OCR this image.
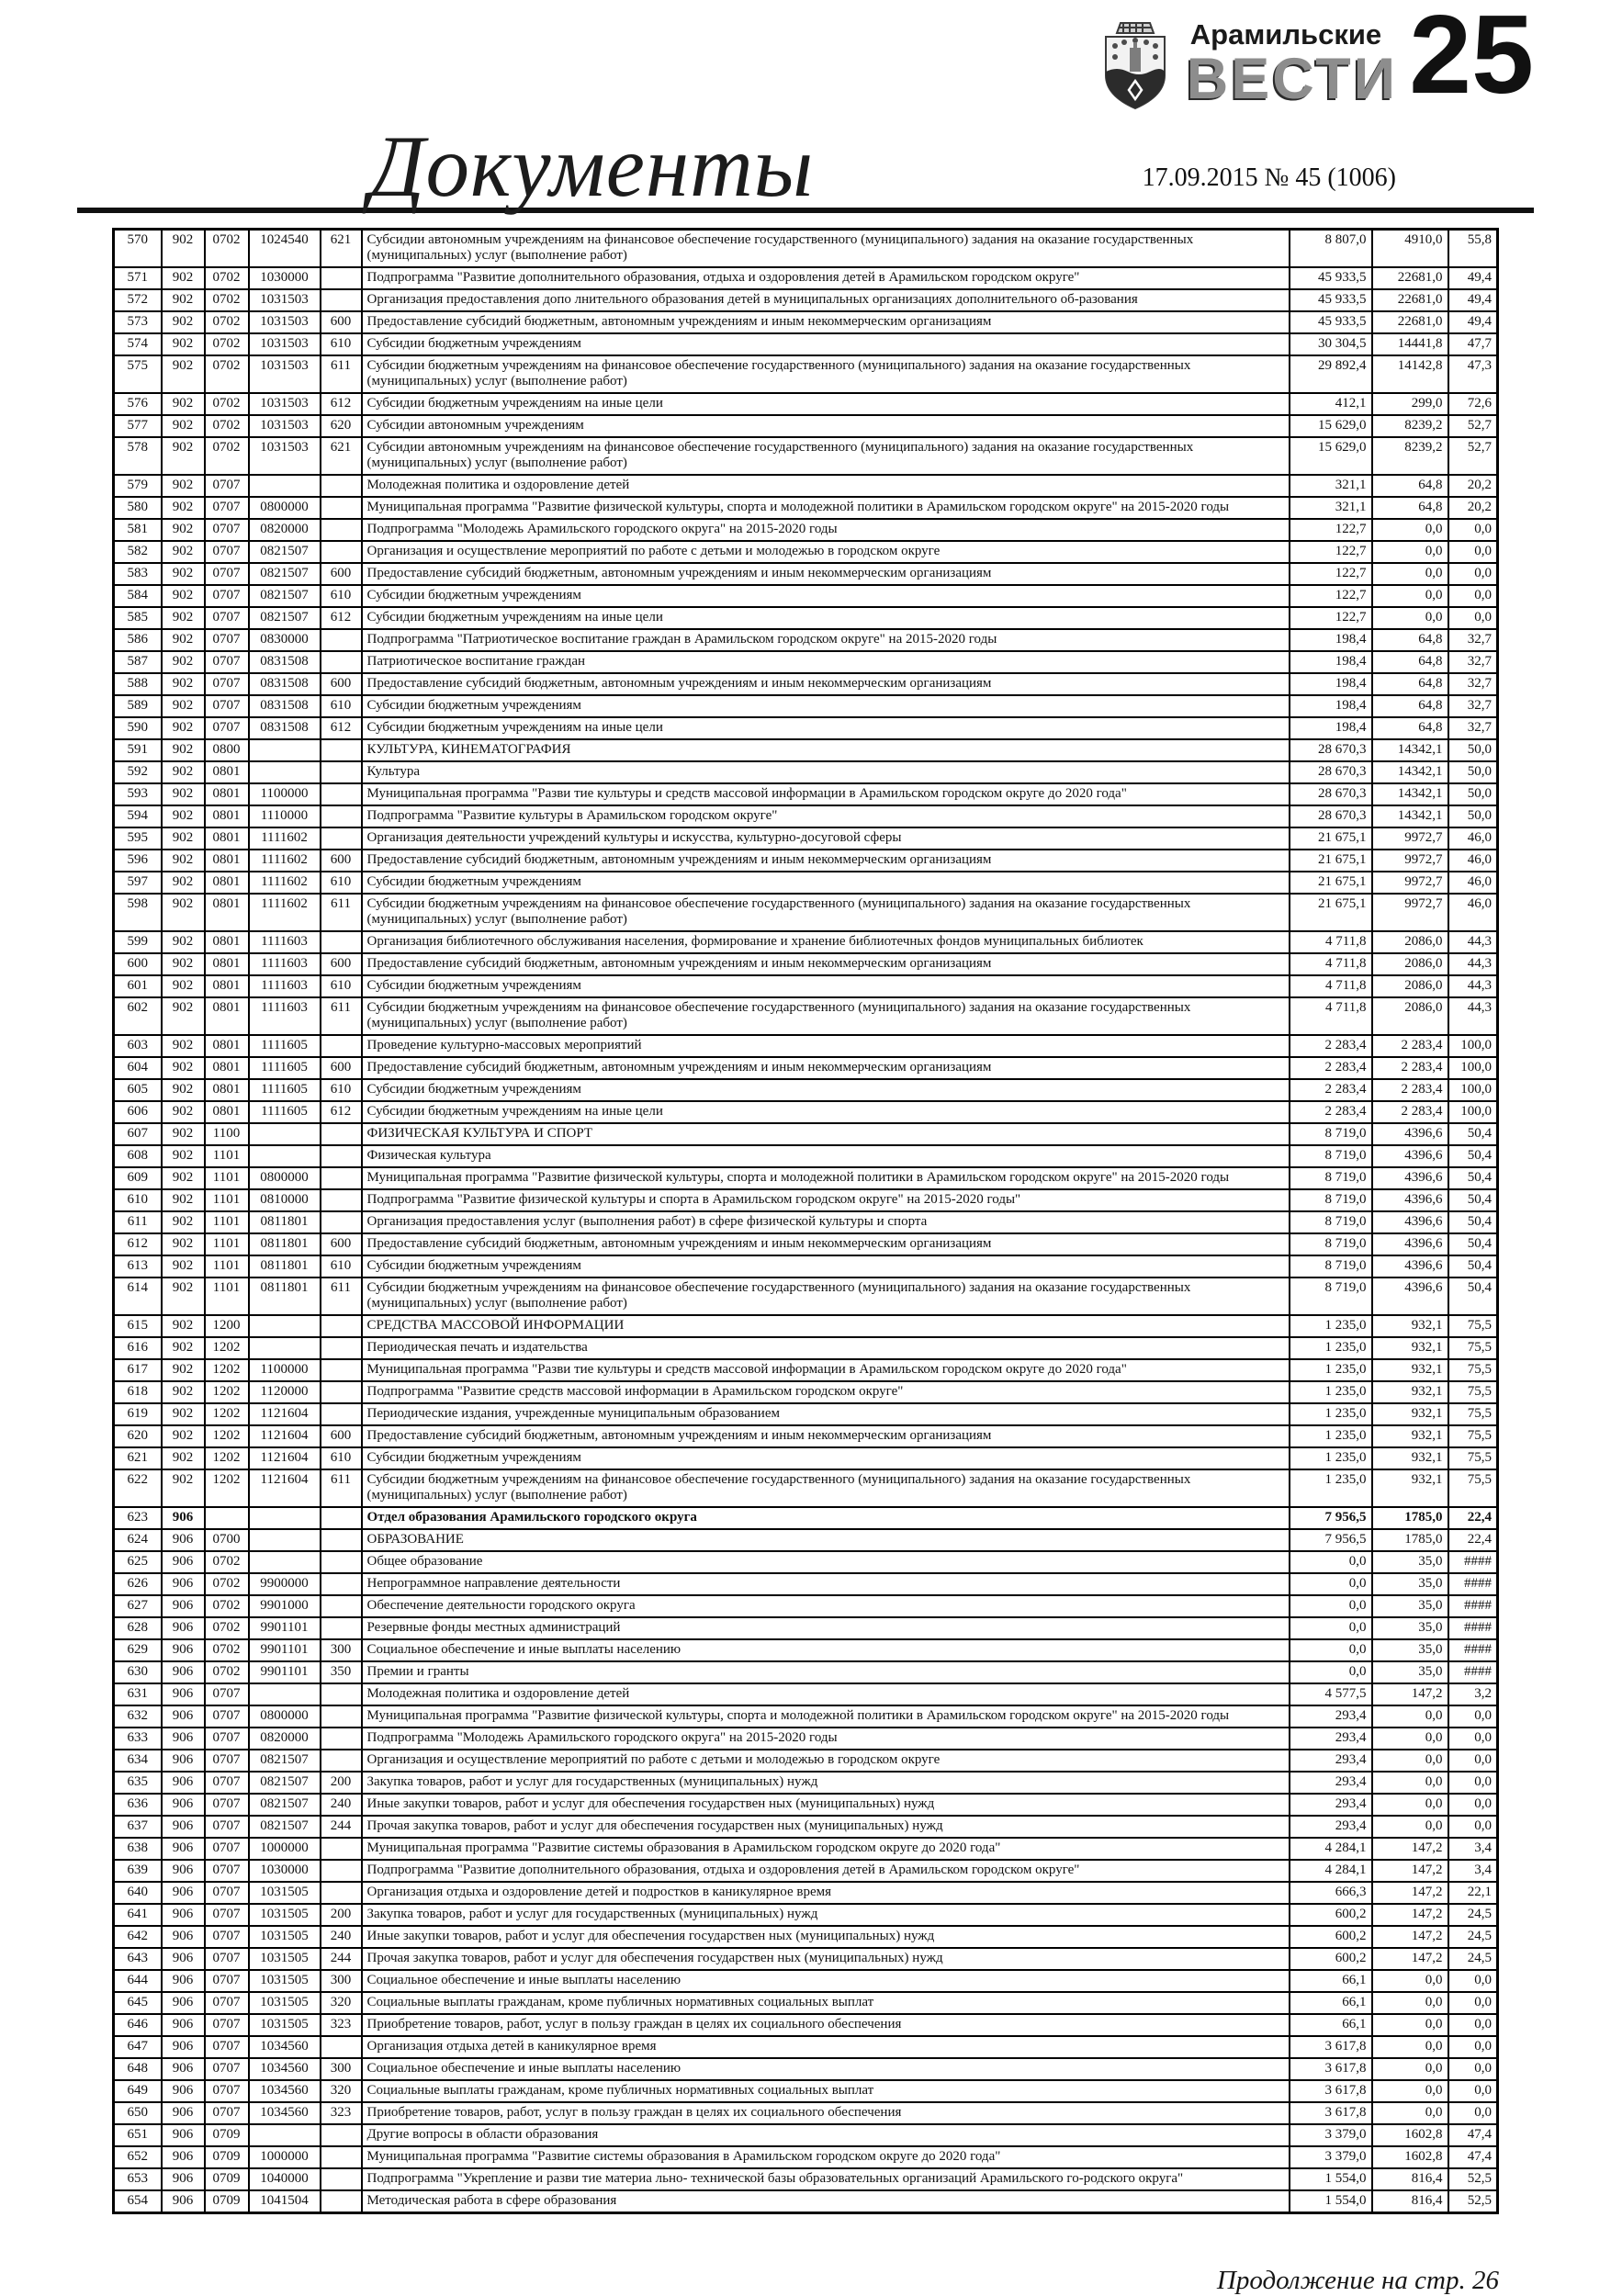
Документы
Арамильские
ВЕСТИ 25
17.09.2015 № 45 (1006)
570	902	0702	1024540	621	Субсидии автономным учреждениям на финансовое обеспечение государственного (муниципального) задания на оказание государственных (муниципальных) услуг (выполнение работ)	8 807,0	4910,0	55,8
571	902	0702	1030000		Подпрограмма "Развитие дополнительного образования, отдыха и оздоровления детей в Арамильском городском округе"	45 933,5	22681,0	49,4
572	902	0702	1031503		Организация предоставления допо лнительного образования детей в муниципальных организациях дополнительного об-разования	45 933,5	22681,0	49,4
573	902	0702	1031503	600	Предоставление субсидий бюджетным, автономным учреждениям и иным некоммерческим организациям	45 933,5	22681,0	49,4
574	902	0702	1031503	610	Субсидии бюджетным учреждениям	30 304,5	14441,8	47,7
575	902	0702	1031503	611	Субсидии бюджетным учреждениям на финансовое обеспечение государственного (муниципального) задания на оказание государственных (муниципальных) услуг (выполнение работ)	29 892,4	14142,8	47,3
576	902	0702	1031503	612	Субсидии бюджетным учреждениям на иные цели	412,1	299,0	72,6
577	902	0702	1031503	620	Субсидии автономным учреждениям	15 629,0	8239,2	52,7
578	902	0702	1031503	621	Субсидии автономным учреждениям на финансовое обеспечение государственного (муниципального) задания на оказание государственных (муниципальных) услуг (выполнение работ)	15 629,0	8239,2	52,7
579	902	0707			Молодежная политика и оздоровление детей	321,1	64,8	20,2
580	902	0707	0800000		Муниципальная программа "Развитие физической культуры, спорта и молодежной политики в Арамильском городском округе" на 2015-2020 годы	321,1	64,8	20,2
581	902	0707	0820000		Подпрограмма "Молодежь Арамильского городского округа" на 2015-2020 годы	122,7	0,0	0,0
582	902	0707	0821507		Организация и осуществление мероприятий по работе с детьми и молодежью в городском округе	122,7	0,0	0,0
583	902	0707	0821507	600	Предоставление субсидий бюджетным, автономным учреждениям и иным некоммерческим организациям	122,7	0,0	0,0
584	902	0707	0821507	610	Субсидии бюджетным учреждениям	122,7	0,0	0,0
585	902	0707	0821507	612	Субсидии бюджетным учреждениям на иные цели	122,7	0,0	0,0
586	902	0707	0830000		Подпрограмма "Патриотическое воспитание граждан в Арамильском городском округе" на 2015-2020 годы	198,4	64,8	32,7
587	902	0707	0831508		Патриотическое воспитание граждан	198,4	64,8	32,7
588	902	0707	0831508	600	Предоставление субсидий бюджетным, автономным учреждениям и иным некоммерческим организациям	198,4	64,8	32,7
589	902	0707	0831508	610	Субсидии бюджетным учреждениям	198,4	64,8	32,7
590	902	0707	0831508	612	Субсидии бюджетным учреждениям на иные цели	198,4	64,8	32,7
591	902	0800			КУЛЬТУРА, КИНЕМАТОГРАФИЯ	28 670,3	14342,1	50,0
592	902	0801			Культура	28 670,3	14342,1	50,0
593	902	0801	1100000		Муниципальная программа "Разви тие культуры и средств массовой информации в Арамильском городском округе до 2020 года"	28 670,3	14342,1	50,0
594	902	0801	1110000		Подпрограмма "Развитие культуры в Арамильском городском округе"	28 670,3	14342,1	50,0
595	902	0801	1111602		Организация деятельности учреждений культуры и искусства, культурно-досуговой сферы	21 675,1	9972,7	46,0
596	902	0801	1111602	600	Предоставление субсидий бюджетным, автономным учреждениям и иным некоммерческим организациям	21 675,1	9972,7	46,0
597	902	0801	1111602	610	Субсидии бюджетным учреждениям	21 675,1	9972,7	46,0
598	902	0801	1111602	611	Субсидии бюджетным учреждениям на финансовое обеспечение государственного (муниципального) задания на оказание государственных (муниципальных) услуг (выполнение работ)	21 675,1	9972,7	46,0
599	902	0801	1111603		Организация библиотечного обслуживания населения, формирование и хранение библиотечных фондов муниципальных библиотек	4 711,8	2086,0	44,3
600	902	0801	1111603	600	Предоставление субсидий бюджетным, автономным учреждениям и иным некоммерческим организациям	4 711,8	2086,0	44,3
601	902	0801	1111603	610	Субсидии бюджетным учреждениям	4 711,8	2086,0	44,3
602	902	0801	1111603	611	Субсидии бюджетным учреждениям на финансовое обеспечение государственного (муниципального) задания на оказание государственных (муниципальных) услуг (выполнение работ)	4 711,8	2086,0	44,3
603	902	0801	1111605		Проведение культурно-массовых мероприятий	2 283,4	2 283,4	100,0
604	902	0801	1111605	600	Предоставление субсидий бюджетным, автономным учреждениям и иным некоммерческим организациям	2 283,4	2 283,4	100,0
605	902	0801	1111605	610	Субсидии бюджетным учреждениям	2 283,4	2 283,4	100,0
606	902	0801	1111605	612	Субсидии бюджетным учреждениям на иные цели	2 283,4	2 283,4	100,0
607	902	1100			ФИЗИЧЕСКАЯ КУЛЬТУРА И СПОРТ	8 719,0	4396,6	50,4
608	902	1101			Физическая культура	8 719,0	4396,6	50,4
609	902	1101	0800000		Муниципальная программа "Развитие физической культуры, спорта и молодежной политики в Арамильском городском округе" на 2015-2020 годы	8 719,0	4396,6	50,4
610	902	1101	0810000		Подпрограмма "Развитие физической культуры и спорта в Арамильском городском округе" на 2015-2020 годы"	8 719,0	4396,6	50,4
611	902	1101	0811801		Организация предоставления услуг (выполнения работ) в сфере физической культуры и спорта	8 719,0	4396,6	50,4
612	902	1101	0811801	600	Предоставление субсидий бюджетным, автономным учреждениям и иным некоммерческим организациям	8 719,0	4396,6	50,4
613	902	1101	0811801	610	Субсидии бюджетным учреждениям	8 719,0	4396,6	50,4
614	902	1101	0811801	611	Субсидии бюджетным учреждениям на финансовое обеспечение государственного (муниципального) задания на оказание государственных (муниципальных) услуг (выполнение работ)	8 719,0	4396,6	50,4
615	902	1200			СРЕДСТВА МАССОВОЙ ИНФОРМАЦИИ	1 235,0	932,1	75,5
616	902	1202			Периодическая печать и издательства	1 235,0	932,1	75,5
617	902	1202	1100000		Муниципальная программа "Разви тие культуры и средств массовой информации в Арамильском городском округе до 2020 года"	1 235,0	932,1	75,5
618	902	1202	1120000		Подпрограмма "Развитие средств массовой информации в Арамильском городском округе"	1 235,0	932,1	75,5
619	902	1202	1121604		Периодические издания, учрежденные муниципальным образованием	1 235,0	932,1	75,5
620	902	1202	1121604	600	Предоставление субсидий бюджетным, автономным учреждениям и иным некоммерческим организациям	1 235,0	932,1	75,5
621	902	1202	1121604	610	Субсидии бюджетным учреждениям	1 235,0	932,1	75,5
622	902	1202	1121604	611	Субсидии бюджетным учреждениям на финансовое обеспечение государственного (муниципального) задания на оказание государственных (муниципальных) услуг (выполнение работ)	1 235,0	932,1	75,5
623	906				Отдел образования Арамильского городского округа	7 956,5	1785,0	22,4
624	906	0700			ОБРАЗОВАНИЕ	7 956,5	1785,0	22,4
625	906	0702			Общее образование	0,0	35,0	####
626	906	0702	9900000		Непрограммное направление деятельности	0,0	35,0	####
627	906	0702	9901000		Обеспечение деятельности городского округа	0,0	35,0	####
628	906	0702	9901101		Резервные фонды местных администраций	0,0	35,0	####
629	906	0702	9901101	300	Социальное обеспечение и иные выплаты населению	0,0	35,0	####
630	906	0702	9901101	350	Премии и гранты	0,0	35,0	####
631	906	0707			Молодежная политика и оздоровление детей	4 577,5	147,2	3,2
632	906	0707	0800000		Муниципальная программа "Развитие физической культуры, спорта и молодежной политики в Арамильском городском округе" на 2015-2020 годы	293,4	0,0	0,0
633	906	0707	0820000		Подпрограмма "Молодежь Арамильского городского округа" на 2015-2020 годы	293,4	0,0	0,0
634	906	0707	0821507		Организация и осуществление мероприятий по работе с детьми и молодежью в городском округе	293,4	0,0	0,0
635	906	0707	0821507	200	Закупка товаров, работ и услуг для государственных (муниципальных) нужд	293,4	0,0	0,0
636	906	0707	0821507	240	Иные закупки товаров, работ и услуг для обеспечения государствен ных (муниципальных) нужд	293,4	0,0	0,0
637	906	0707	0821507	244	Прочая закупка товаров, работ и услуг для обеспечения государствен ных (муниципальных) нужд	293,4	0,0	0,0
638	906	0707	1000000		Муниципальная программа "Развитие системы образования в Арамильском городском округе до 2020 года"	4 284,1	147,2	3,4
639	906	0707	1030000		Подпрограмма "Развитие дополнительного образования, отдыха и оздоровления детей в Арамильском городском округе"	4 284,1	147,2	3,4
640	906	0707	1031505		Организация отдыха и оздоровление детей и подростков в каникулярное время	666,3	147,2	22,1
641	906	0707	1031505	200	Закупка товаров, работ и услуг для государственных (муниципальных) нужд	600,2	147,2	24,5
642	906	0707	1031505	240	Иные закупки товаров, работ и услуг для обеспечения государствен ных (муниципальных) нужд	600,2	147,2	24,5
643	906	0707	1031505	244	Прочая закупка товаров, работ и услуг для обеспечения государствен ных (муниципальных) нужд	600,2	147,2	24,5
644	906	0707	1031505	300	Социальное обеспечение и иные выплаты населению	66,1	0,0	0,0
645	906	0707	1031505	320	Социальные выплаты гражданам, кроме публичных нормативных социальных выплат	66,1	0,0	0,0
646	906	0707	1031505	323	Приобретение товаров, работ, услуг в пользу граждан в целях их социального обеспечения	66,1	0,0	0,0
647	906	0707	1034560		Организация отдыха детей в каникулярное время	3 617,8	0,0	0,0
648	906	0707	1034560	300	Социальное обеспечение и иные выплаты населению	3 617,8	0,0	0,0
649	906	0707	1034560	320	Социальные выплаты гражданам, кроме публичных нормативных социальных выплат	3 617,8	0,0	0,0
650	906	0707	1034560	323	Приобретение товаров, работ, услуг в пользу граждан в целях их социального обеспечения	3 617,8	0,0	0,0
651	906	0709			Другие вопросы в области образования	3 379,0	1602,8	47,4
652	906	0709	1000000		Муниципальная программа "Развитие системы образования в Арамильском городском округе до 2020 года"	3 379,0	1602,8	47,4
653	906	0709	1040000		Подпрограмма "Укрепление и разви тие материа льно- технической базы образовательных организаций Арамильского го-родского округа"	1 554,0	816,4	52,5
654	906	0709	1041504		Методическая работа в сфере образования	1 554,0	816,4	52,5
Продолжение на стр. 26
